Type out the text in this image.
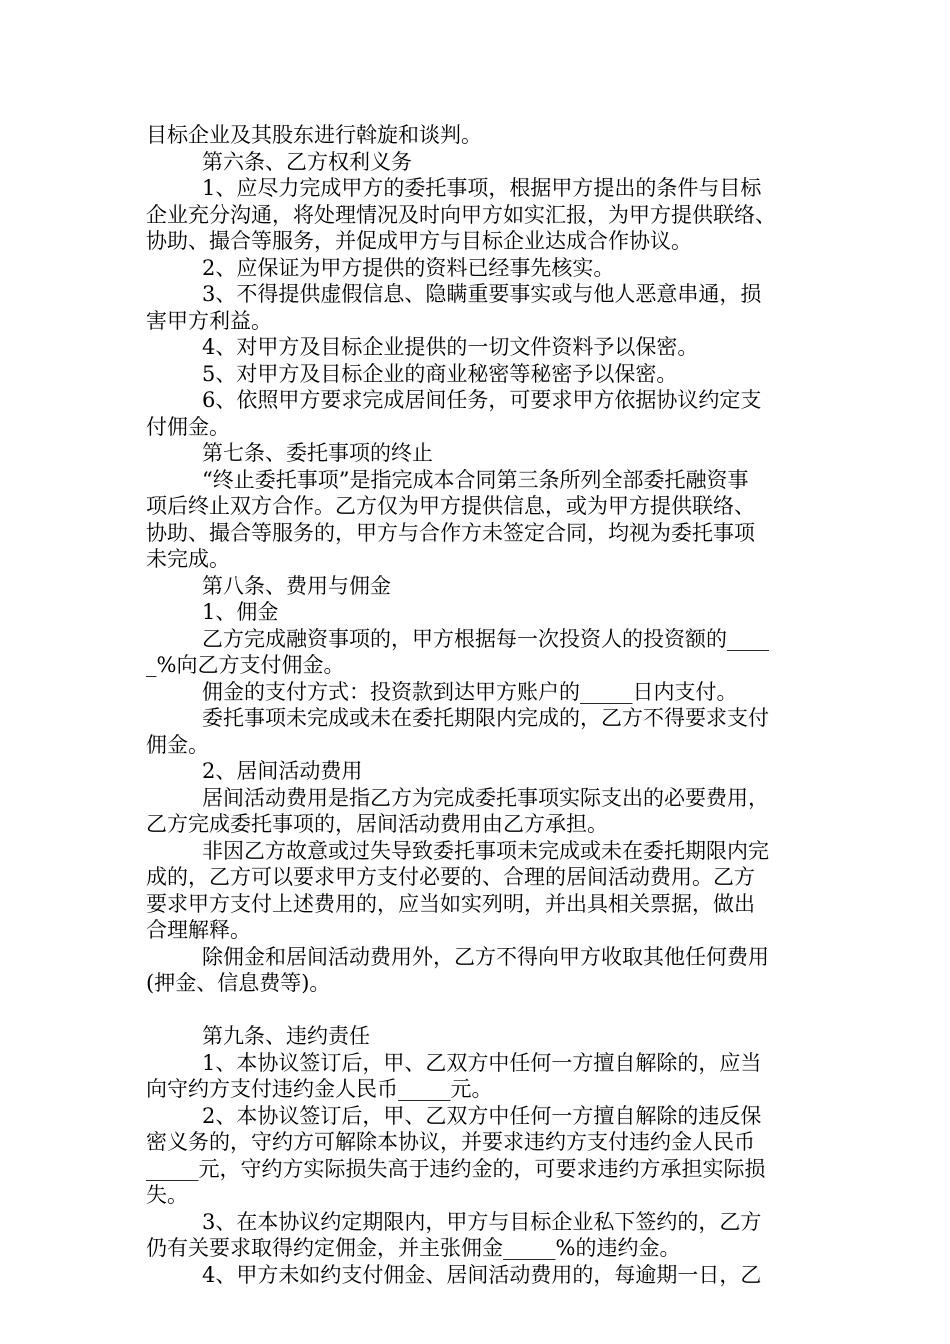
目标企业及其股东进行斡旋和谈判。
第六条、乙方权利义务
1、应尽力完成甲方的委托事项，根据甲方提出的条件与目标
企业充分沟通，将处理情况及时向甲方如实汇报，为甲方提供联络、
协助、撮合等服务，并促成甲方与目标企业达成合作协议。
2、应保证为甲方提供的资料已经事先核实。
3、不得提供虚假信息、隐瞒重要事实或与他人恶意串通，损
害甲方利益。
4、对甲方及目标企业提供的一切文件资料予以保密。
5、对甲方及目标企业的商业秘密等秘密予以保密。
6、依照甲方要求完成居间任务，可要求甲方依据协议约定支
付佣金。
第七条、委托事项的终止
“终止委托事项”是指完成本合同第三条所列全部委托融资事
项后终止双方合作。乙方仅为甲方提供信息，或为甲方提供联络、
协助、撮合等服务的，甲方与合作方未签定合同，均视为委托事项
未完成。
第八条、费用与佣金
1、佣金
乙方完成融资事项的，甲方根据每一次投资人的投资额的____
_%向乙方支付佣金。
佣金的支付方式：投资款到达甲方账户的_____日内支付。
委托事项未完成或未在委托期限内完成的，乙方不得要求支付
佣金。
2、居间活动费用
居间活动费用是指乙方为完成委托事项实际支出的必要费用，
乙方完成委托事项的，居间活动费用由乙方承担。
非因乙方故意或过失导致委托事项未完成或未在委托期限内完
成的，乙方可以要求甲方支付必要的、合理的居间活动费用。乙方
要求甲方支付上述费用的，应当如实列明，并出具相关票据，做出
合理解释。
除佣金和居间活动费用外，乙方不得向甲方收取其他任何费用
(押金、信息费等)。
第九条、违约责任
1、本协议签订后，甲、乙双方中任何一方擅自解除的，应当
向守约方支付违约金人民币_____元。
2、本协议签订后，甲、乙双方中任何一方擅自解除的违反保
密义务的，守约方可解除本协议，并要求违约方支付违约金人民币
_____元，守约方实际损失高于违约金的，可要求违约方承担实际损
失。
3、在本协议约定期限内，甲方与目标企业私下签约的，乙方
仍有关要求取得约定佣金，并主张佣金_____%的违约金。
4、甲方未如约支付佣金、居间活动费用的，每逾期一日，乙
